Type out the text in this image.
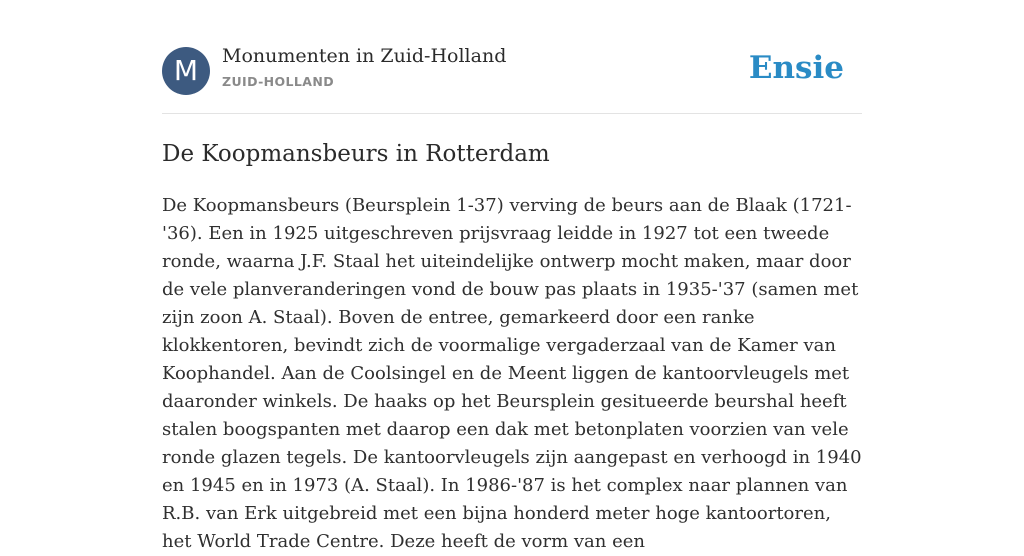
M	Monumenten in Zuid-Holland
ZUID-HOLLAND	Ensie
De Koopmansbeurs in Rotterdam

De Koopmansbeurs (Beursplein 1-37) verving de beurs aan de Blaak (1721-'36). Een in 1925 uitgeschreven prijsvraag leidde in 1927 tot een tweede ronde, waarna J.F. Staal het uiteindelijke ontwerp mocht maken, maar door de vele planveranderingen vond de bouw pas plaats in 1935-'37 (samen met zijn zoon A. Staal). Boven de entree, gemarkeerd door een ranke klokkentoren, bevindt zich de voormalige vergaderzaal van de Kamer van Koophandel. Aan de Coolsingel en de Meent liggen de kantoorvleugels met daaronder winkels. De haaks op het Beursplein gesitueerde beurshal heeft stalen boogspanten met daarop een dak met betonplaten voorzien van vele ronde glazen tegels. De kantoorvleugels zijn aangepast en verhoogd in 1940 en 1945 en in 1973 (A. Staal). In 1986-'87 is het complex naar plannen van R.B. van Erk uitgebreid met een bijna honderd meter hoge kantoortoren, het World Trade Centre. Deze heeft de vorm van een
